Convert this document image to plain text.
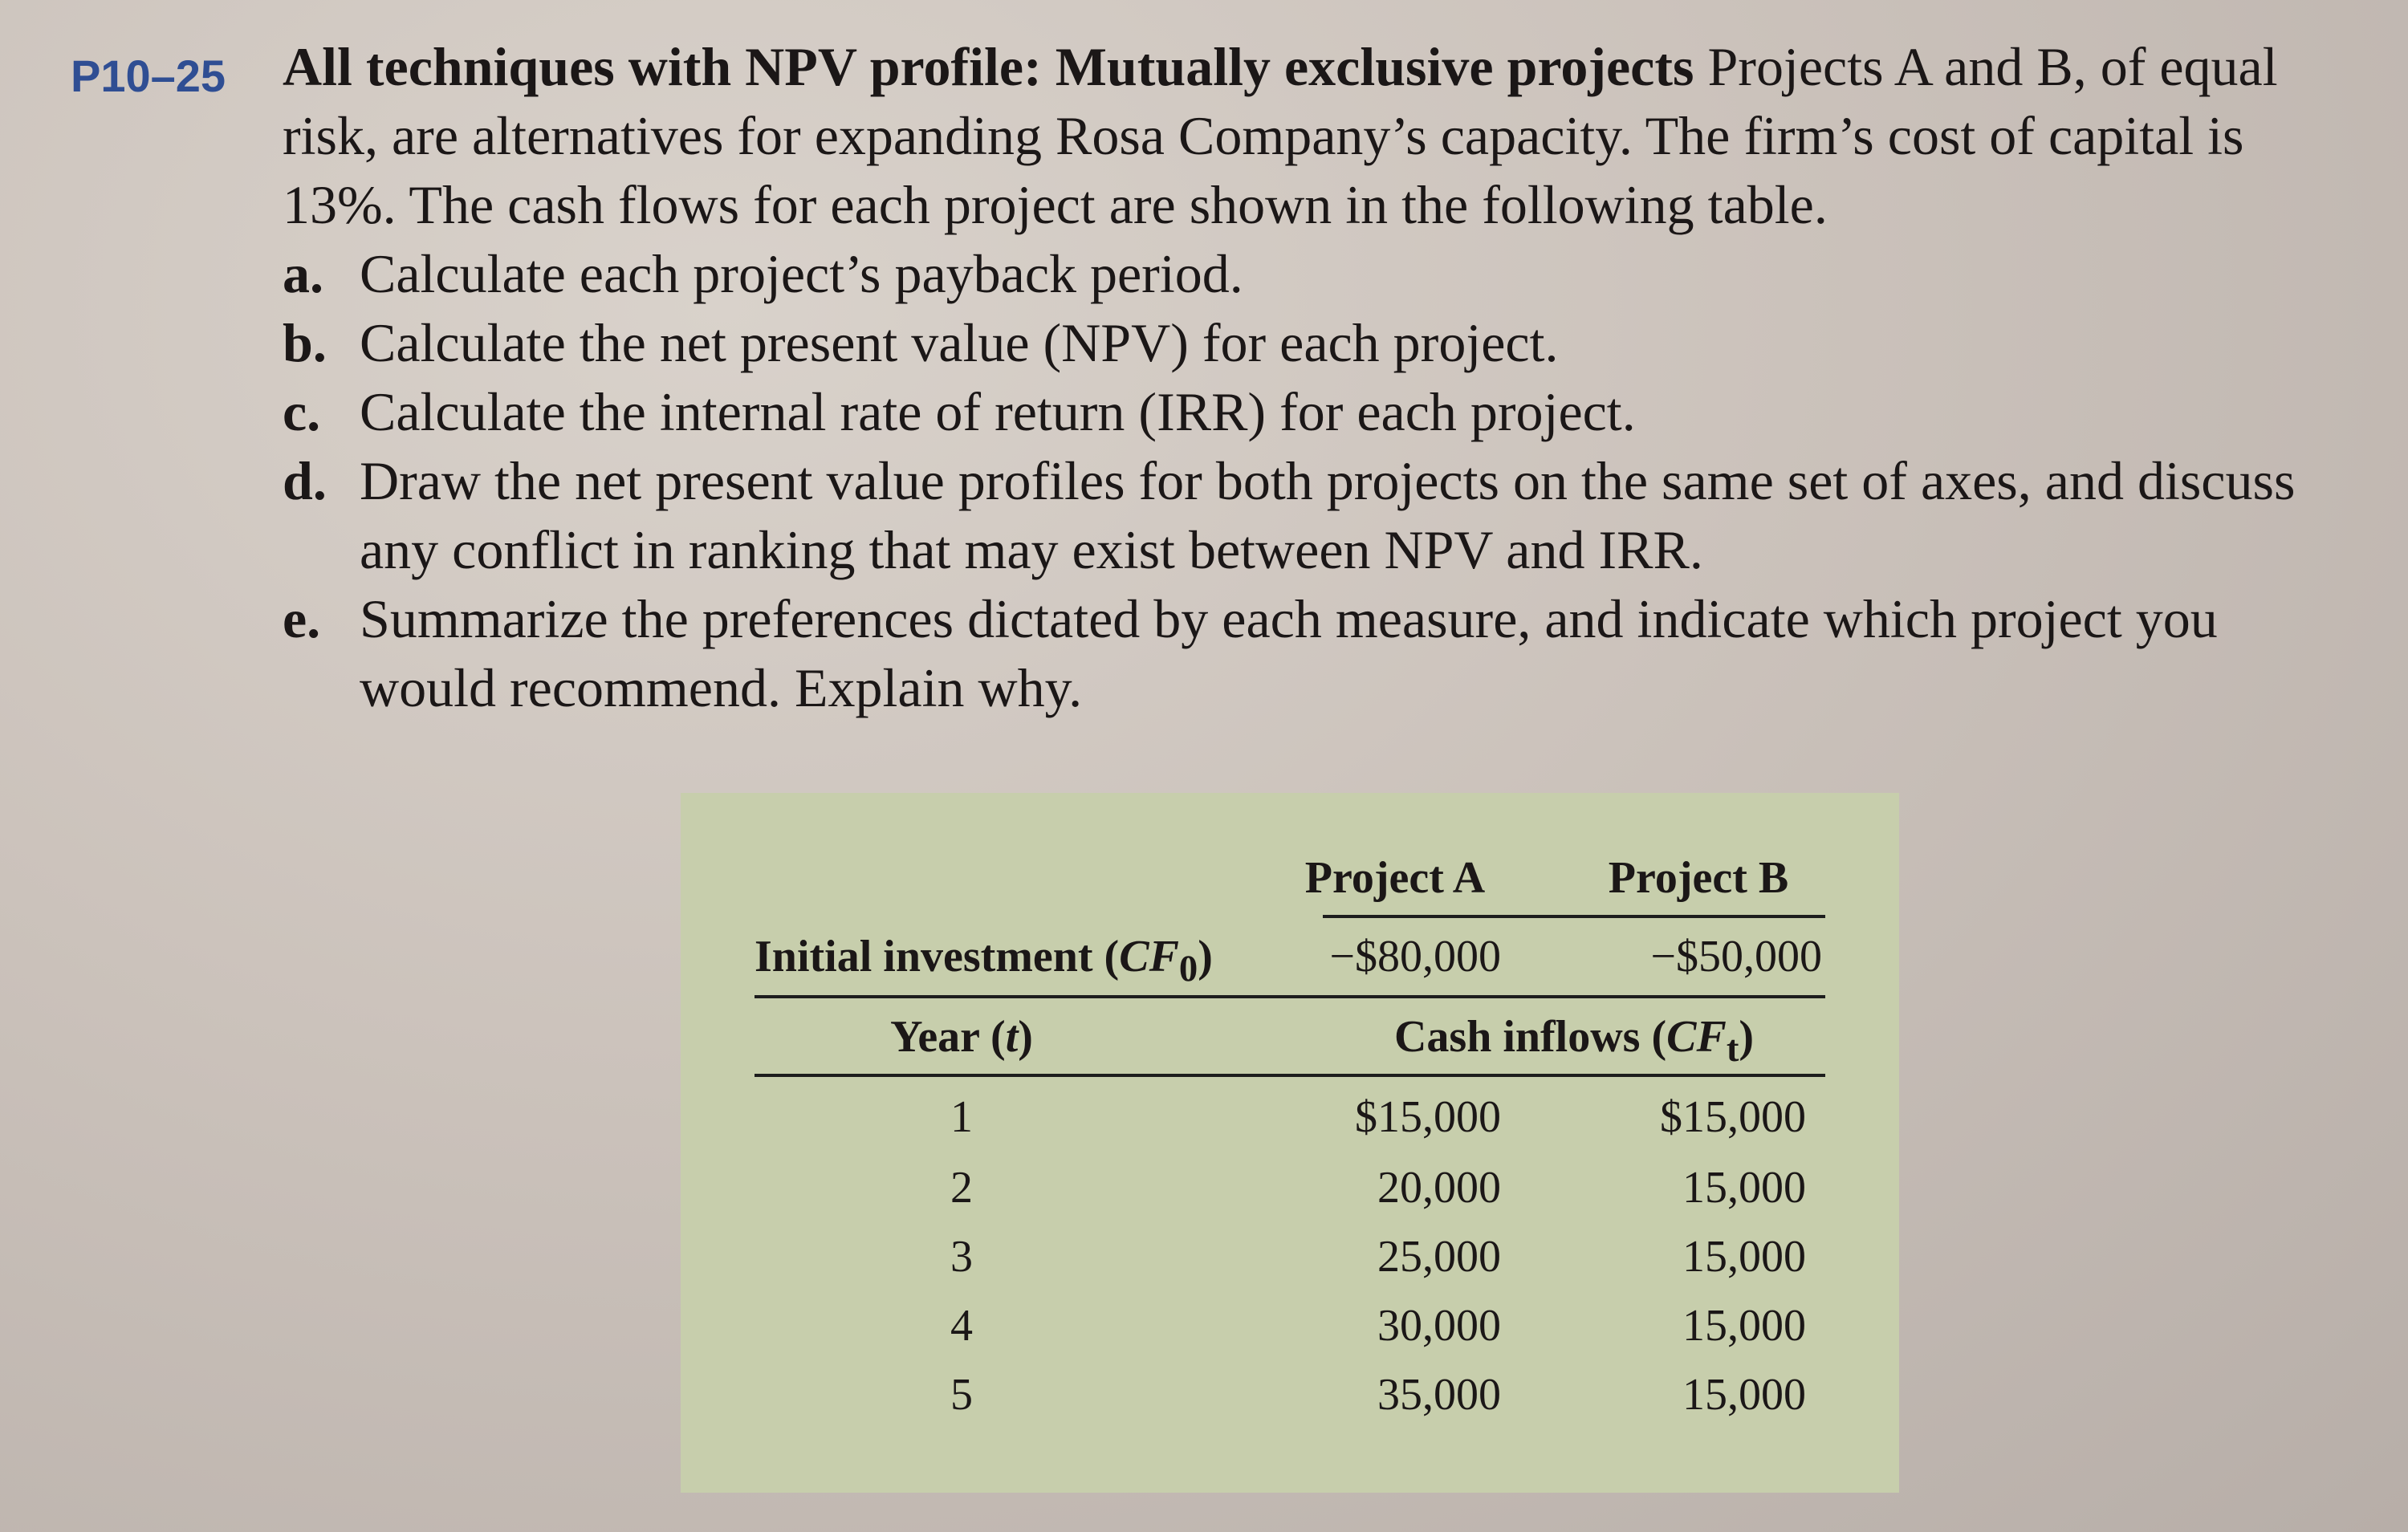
P10–25 All techniques with NPV profile: Mutually exclusive projects Projects A and B, of equal risk, are alternatives for expanding Rosa Company’s capacity. The firm’s cost of capital is 13%. The cash flows for each project are shown in the following table.

a. Calculate each project’s payback period.
b. Calculate the net present value (NPV) for each project.
c. Calculate the internal rate of return (IRR) for each project.
d. Draw the net present value profiles for both projects on the same set of axes, and discuss any conflict in ranking that may exist between NPV and IRR.
e. Summarize the preferences dictated by each measure, and indicate which project you would recommend. Explain why.
Project A	Project B
Initial investment $(CF_0)$	−$80,000	−$50,000
Year (t)	Cash inflows $(CF_t)$
1	$15,000	$15,000
2	20,000	15,000
3	25,000	15,000
4	30,000	15,000
5	35,000	15,000
